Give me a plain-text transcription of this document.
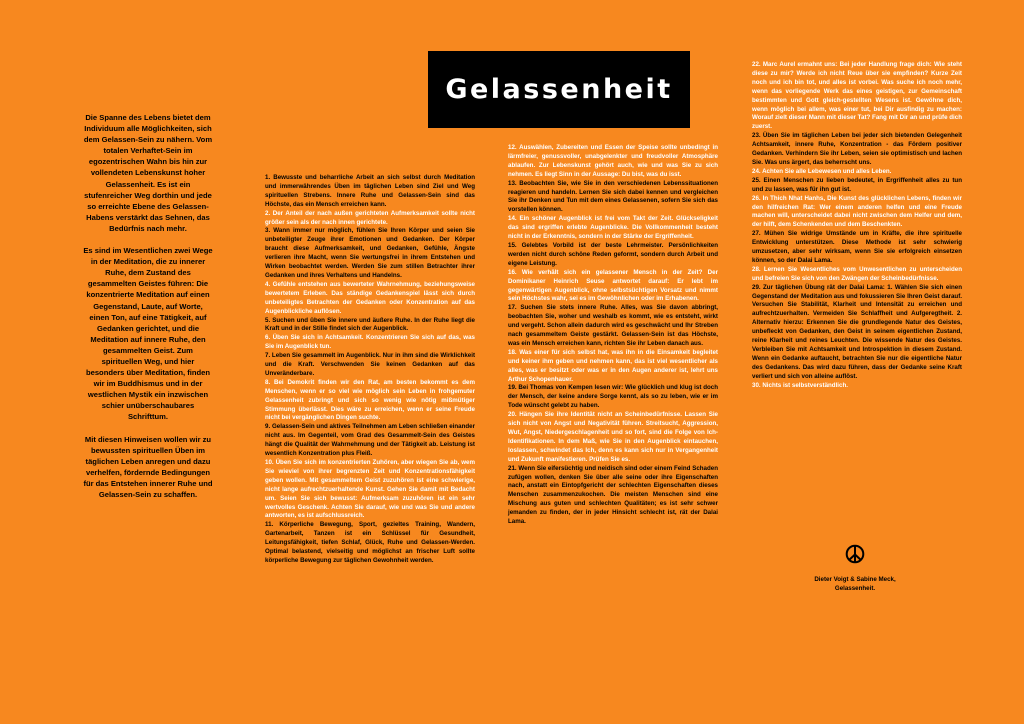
Die Spanne des Lebens bietet dem Individuum alle Möglichkeiten, sich dem Gelassen-Sein zu nähern. Vom totalen Verhaftet-Sein im egozentrischen Wahn bis hin zur vollendeten Lebenskunst hoher Gelassenheit. Es ist ein stufenreicher Weg dorthin und jede so erreichte Ebene des Gelassen-Habens verstärkt das Sehnen, das Bedürfnis nach mehr.

Es sind im Wesentlichen zwei Wege in der Meditation, die zu innerer Ruhe, dem Zustand des gesammelten Geistes führen: Die konzentrierte Meditation auf einen Gegenstand, Laute, auf Worte, einen Ton, auf eine Tätigkeit, auf Gedanken gerichtet, und die Meditation auf innere Ruhe, den gesammelten Geist. Zum spirituellen Weg, und hier besonders über Meditation, finden wir im Buddhismus und in der westlichen Mystik ein inzwischen schier unüberschaubares Schrifttum.

Mit diesen Hinweisen wollen wir zu bewussten spirituellen Üben im täglichen Leben anregen und dazu verhelfen, fördernde Bedingungen für das Entstehen innerer Ruhe und Gelassen-Sein zu schaffen.

Gelassenheit

1. Bewusste und beharrliche Arbeit an sich selbst durch Meditation und immerwährendes Üben im täglichen Leben sind Ziel und Weg spirituellen Strebens. Innere Ruhe und Gelassen-Sein sind das Höchste, das ein Mensch erreichen kann.

2. Der Anteil der nach außen gerichteten Aufmerksamkeit sollte nicht größer sein als der nach innen gerichtete.

3. Wann immer nur möglich, fühlen Sie Ihren Körper und seien Sie unbeteiligter Zeuge ihrer Emotionen und Gedanken. Der Körper braucht diese Aufmerksamkeit, und Gedanken, Gefühle, Ängste verlieren ihre Macht, wenn Sie wertungsfrei in ihrem Entstehen und Wirken beobachtet werden. Werden Sie zum stillen Betrachter ihrer Gedanken und ihres Verhaltens und Handelns.

4. Gefühle entstehen aus bewerteter Wahrnehmung, beziehungsweise bewertetem Erleben. Das ständige Gedankenspiel lässt sich durch unbeteiligtes Betrachten der Gedanken oder Konzentration auf das Augenblickliche auflösen.

5. Suchen und üben Sie innere und äußere Ruhe. In der Ruhe liegt die Kraft und in der Stille findet sich der Augenblick.

6. Üben Sie sich in Achtsamkeit. Konzentrieren Sie sich auf das, was Sie im Augenblick tun.

7. Leben Sie gesammelt im Augenblick. Nur in ihm sind die Wirklichkeit und die Kraft. Verschwenden Sie keinen Gedanken auf das Unveränderbare.

8. Bei Demokrit finden wir den Rat, am besten bekommt es dem Menschen, wenn er so viel wie möglich sein Leben in frohgemuter Gelassenheit zubringt und sich so wenig wie nötig mißmütiger Stimmung überlässt. Dies wäre zu erreichen, wenn er seine Freude nicht bei vergänglichen Dingen suchte.

9. Gelassen-Sein und aktives Teilnehmen am Leben schließen einander nicht aus. Im Gegenteil, vom Grad des Gesammelt-Sein des Geistes hängt die Qualität der Wahrnehmung und der Tätigkeit ab. Leistung ist wesentlich Konzentration plus Fleiß.

10. Üben Sie sich im konzentrierten Zuhören, aber wiegen Sie ab, wem Sie wieviel von ihrer begrenzten Zeit und Konzentrationsfähigkeit geben wollen. Mit gesammeltem Geist zuzuhören ist eine schwierige, nicht lange aufrechtzuerhaltende Kunst. Gehen Sie damit mit Bedacht um. Seien Sie sich bewusst: Aufmerksam zuzuhören ist ein sehr wertvolles Geschenk. Achten Sie darauf, wie und was Sie und andere antworten, es ist aufschlussreich.

11. Körperliche Bewegung, Sport, gezieltes Training, Wandern, Gartenarbeit, Tanzen ist ein Schlüssel für Gesundheit, Leitungsfähigkeit, tiefen Schlaf, Glück, Ruhe und Gelassen-Werden. Optimal belastend, vielseitig und möglichst an frischer Luft sollte körperliche Bewegung zur täglichen Gewohnheit werden.

12. Auswählen, Zubereiten und Essen der Speise sollte unbedingt in lärmfreier, genussvoller, unabgelenkter und freudvoller Atmosphäre ablaufen. Zur Lebenskunst gehört auch, wie und was Sie zu sich nehmen. Es liegt Sinn in der Aussage: Du bist, was du isst.

13. Beobachten Sie, wie Sie in den verschiedenen Lebenssituationen reagieren und handeln. Lernen Sie sich dabei kennen und vergleichen Sie ihr Denken und Tun mit dem eines Gelassenen, sofern Sie sich das vorstellen können.

14. Ein schöner Augenblick ist frei vom Takt der Zeit. Glückseligkeit das sind ergriffen erlebte Augenblicke. Die Vollkommenheit besteht nicht in der Erkenntnis, sondern in der Stärke der Ergriffenheit.

15. Gelebtes Vorbild ist der beste Lehrmeister. Persönlichkeiten werden nicht durch schöne Reden geformt, sondern durch Arbeit und eigene Leistung.

16. Wie verhält sich ein gelassener Mensch in der Zeit? Der Dominikaner Heinrich Seuse antwortet darauf: Er lebt im gegenwärtigen Augenblick, ohne selbstsüchtigen Vorsatz und nimmt sein Höchstes wahr, sei es im Gewöhnlichen oder im Erhabenen.

17. Suchen Sie stets innere Ruhe. Alles, was Sie davon abbringt, beobachten Sie, woher und weshalb es kommt, wie es entsteht, wirkt und vergeht. Schon allein dadurch wird es geschwächt und Ihr Streben nach gesammeltem Geiste gestärkt. Gelassen-Sein ist das Höchste, was ein Mensch erreichen kann, richten Sie ihr Leben danach aus.

18. Was einer für sich selbst hat, was ihn in die Einsamkeit begleitet und keiner ihm geben und nehmen kann, das ist viel wesentlicher als alles, was er besitzt oder was er in den Augen anderer ist, lehrt uns Arthur Schopenhauer.

19. Bei Thomas von Kempen lesen wir: Wie glücklich und klug ist doch der Mensch, der keine andere Sorge kennt, als so zu leben, wie er im Tode wünscht gelebt zu haben.

20. Hängen Sie ihre Identität nicht an Scheinbedürfnisse. Lassen Sie sich nicht von Angst und Negativität führen. Streitsucht, Aggression, Wut, Angst, Niedergeschlagenheit und so fort, sind die Folge von Ich-Identifikationen. In dem Maß, wie Sie in den Augenblick eintauchen, loslassen, schwindet das Ich, denn es kann sich nur in Vergangenheit und Zukunft manifestieren. Prüfen Sie es.

21. Wenn Sie eifersüchtig und neidisch sind oder einem Feind Schaden zufügen wollen, denken Sie über alle seine oder ihre Eigenschaften nach, anstatt ein Eintopfgericht der schlechten Eigenschaften dieses Menschen zusammenzukochen. Die meisten Menschen sind eine Mischung aus guten und schlechten Qualitäten; es ist sehr schwer jemanden zu finden, der in jeder Hinsicht schlecht ist, rät der Dalai Lama.

22. Marc Aurel ermahnt uns: Bei jeder Handlung frage dich: Wie steht diese zu mir? Werde ich nicht Reue über sie empfinden? Kurze Zeit noch und ich bin tot, und alles ist vorbei. Was suche ich noch mehr, wenn das vorliegende Werk das eines geistigen, zur Gemeinschaft bestimmten und Gott gleich-gestellten Wesens ist. Gewöhne dich, wenn möglich bei allem, was einer tut, bei Dir ausfindig zu machen: Worauf zielt dieser Mann mit dieser Tat? Fang mit Dir an und prüfe dich zuerst.

23. Üben Sie im täglichen Leben bei jeder sich bietenden Gelegenheit Achtsamkeit, innere Ruhe, Konzentration - das Fördern positiver Gedanken. Verhindern Sie ihr Leben, seien sie optimistisch und lachen Sie. Was uns ärgert, das beherrscht uns.

24. Achten Sie alle Lebewesen und alles Leben.

25. Einen Menschen zu lieben bedeutet, in Ergriffenheit alles zu tun und zu lassen, was für ihn gut ist.

26. In Thich Nhat Hanhs, Die Kunst des glücklichen Lebens, finden wir den hilfreichen Rat: Wer einem anderen helfen und eine Freude machen will, unterscheidet dabei nicht zwischen dem Helfer und dem, der hilft, dem Schenkenden und dem Beschenkten.

27. Mühen Sie widrige Umstände um in Kräfte, die ihre spirituelle Entwicklung unterstützen. Diese Methode ist sehr schwierig umzusetzen, aber sehr wirksam, wenn Sie sie erfolgreich einsetzen können, so der Dalai Lama.

28. Lernen Sie Wesentliches vom Unwesentlichen zu unterscheiden und befreien Sie sich von den Zwängen der Scheinbedürfnisse.

29. Zur täglichen Übung rät der Dalai Lama: 1. Wählen Sie sich einen Gegenstand der Meditation aus und fokussieren Sie Ihren Geist darauf. Versuchen Sie Stabilität, Klarheit und Intensität zu erreichen und aufrechtzuerhalten. Vermeiden Sie Schlaffheit und Aufgeregtheit. 2. Alternativ hierzu: Erkennen Sie die grundlegende Natur des Geistes, unbefleckt von Gedanken, den Geist in seinem eigentlichen Zustand, reine Klarheit und reines Leuchten. Die wissende Natur des Geistes. Verbleiben Sie mit Achtsamkeit und Introspektion in diesem Zustand. Wenn ein Gedanke auftaucht, betrachten Sie nur die eigentliche Natur des Gedankens. Das wird dazu führen, dass der Gedanke seine Kraft verliert und sich von alleine auflöst.

30. Nichts ist selbstverständlich.

Dieter Voigt & Sabine Meck,
Gelassenheit.
